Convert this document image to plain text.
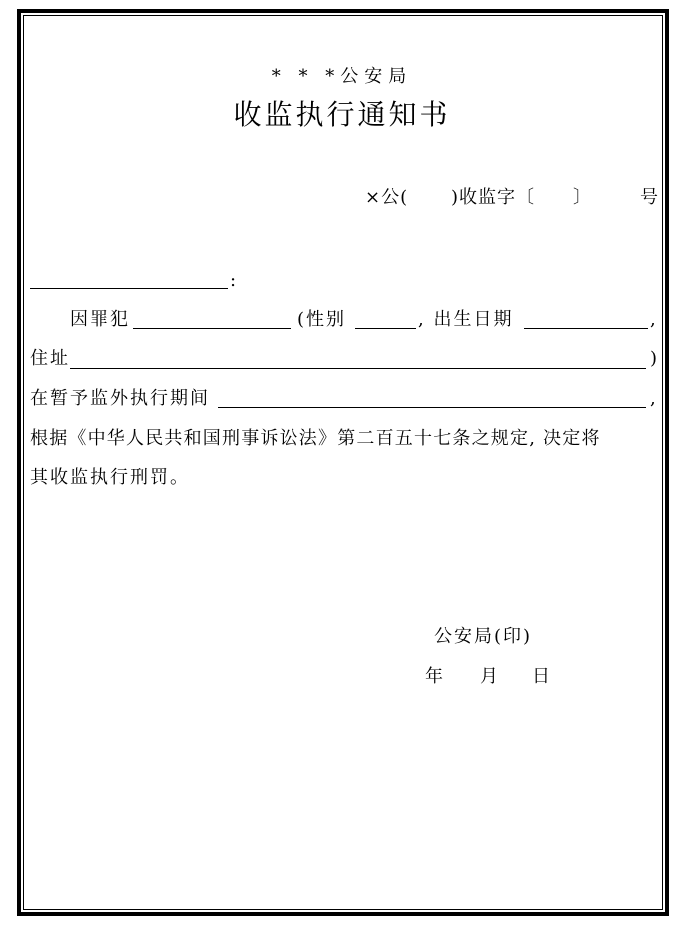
* * *公安局
收监执行通知书
×公( )收监字〔 〕	号
:
因罪犯	(性别	, 出生日期	,
住址	)
在暂予监外执行期间	,
根据《中华人民共和国刑事诉讼法》第二百五十七条之规定, 决定将
其收监执行刑罚。
公安局(印)
年 月 日
